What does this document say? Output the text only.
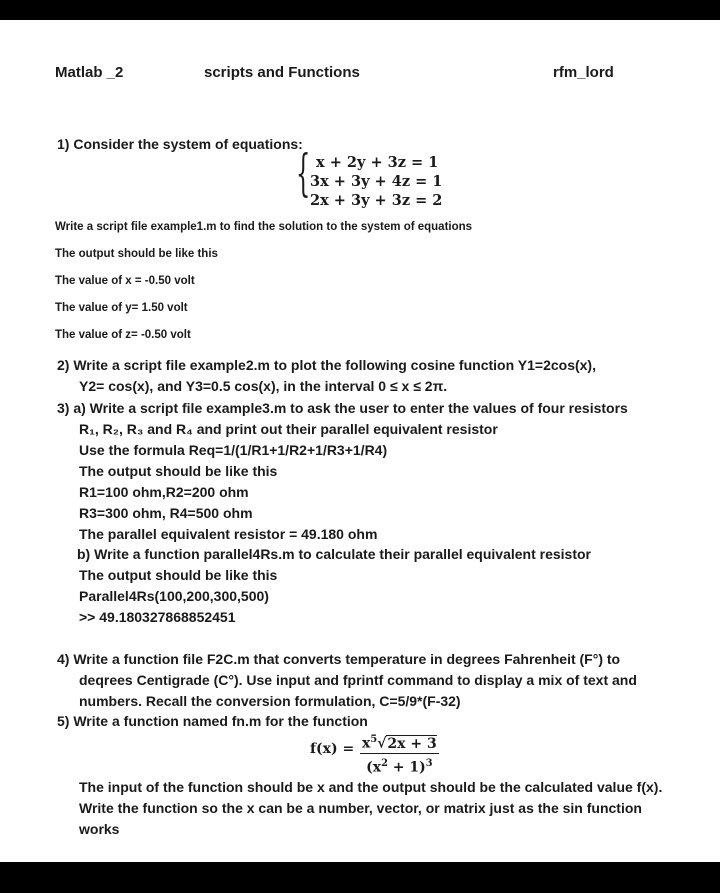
Matlab _2	scripts and Functions	rfm_lord
1) Consider the system of equations:
{ x + 2y + 3z = 1
3x + 3y + 4z = 1
2x + 3y + 3z = 2
Write a script file example1.m to find the solution to the system of equations
The output should be like this
The value of x = -0.50 volt
The value of y= 1.50 volt
The value of z= -0.50 volt
2) Write a script file example2.m to plot the following cosine function Y1=2cos(x),
Y2= cos(x), and Y3=0.5 cos(x), in the interval 0 ≤ x ≤ 2π.
3) a) Write a script file example3.m to ask the user to enter the values of four resistors
R₁, R₂, R₃ and R₄ and print out their parallel equivalent resistor
Use the formula Req=1/(1/R1+1/R2+1/R3+1/R4)
The output should be like this
R1=100 ohm,R2=200 ohm
R3=300 ohm, R4=500 ohm
The parallel equivalent resistor = 49.180 ohm
b) Write a function parallel4Rs.m to calculate their parallel equivalent resistor
The output should be like this
Parallel4Rs(100,200,300,500)
>> 49.180327868852451
4) Write a function file F2C.m that converts temperature in degrees Fahrenheit (F°) to
deqrees Centigrade (C°). Use input and fprintf command to display a mix of text and
numbers. Recall the conversion formulation, C=5/9*(F-32)
5) Write a function named fn.m for the function
$f(x) = \frac{x^5√2x + 3}{(x^2 + 1)^3}$
The input of the function should be x and the output should be the calculated value f(x).
Write the function so the x can be a number, vector, or matrix just as the sin function
works
